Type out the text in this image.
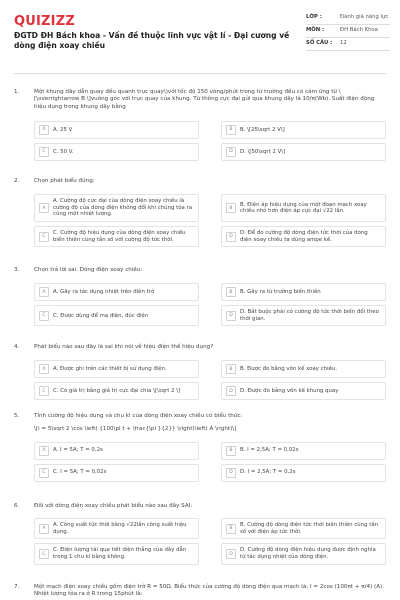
QUIZIZZ
ĐGTD ĐH Bách khoa - Vấn đề thuộc lĩnh vực vật lí - Đại cương về dòng điện xoay chiều
LỚP :	Đánh giá năng lực
MÔN :	ĐH Bách Khoa
SỐ CÂU :	12
1.	Một khung dây dẫn quay đều quanh trục quay\)với tốc độ 150 vòng/phút trong từ trường đều có cảm ứng từ \[\overrightarrow B \]vuông góc với trục quay của khung. Từ thông cực đại gửi qua khung dây là 10/π(Wb). Suất điện động hiệu dụng trong khung dây bằng
A	A. 25 V	B	B. \[25\sqrt 2 V\]
C	C. 50 V.	D	D. \[50\sqrt 2 V\]
2.	Chọn phát biểu đúng:
A
A. Cường độ cực đại của dòng điện xoay chiều là cường độ của dòng điện không đổi khi chúng tỏa ra cùng một nhiệt lượng.
B
B. Điện áp hiệu dụng của một đoạn mạch xoay chiều nhỏ hơn điện áp cực đại √22 lần.
C
C. Cường độ hiệu dụng của dòng điện xoay chiều biến thiên cùng tần số với cường độ tức thời.	D
D. Để đo cường độ dòng điện tức thời của dòng điện xoay chiều ta dùng ampe kế.
3.	Chọn trả lời sai. Dòng điện xoay chiều:
A	A. Gây ra tác dụng nhiệt trên điện trở	B	B. Gây ra từ trường biến thiên
C	C. Được dùng để mạ điện, đúc điện	D
D. Bắt buộc phải có cường độ tức thời biến đổi theo thời gian.
4.	Phát biểu nào sau đây là sai khi nói về hiệu điện thế hiệu dụng?
A	A. Được ghi trên các thiết bị sử dụng điện.	B	B. Được đo bằng vôn kế xoay chiều.
C	C. Có giá trị bằng giá trị cực đại chia \[\sqrt 2 \]	D	D. Được đo bằng vôn kế khung quay
5.	Tính cường độ hiệu dụng và chu kì của dòng điện xoay chiều có biểu thức:
\[i = 5\sqrt 2 \cos \left( {100\pi t + \frac{\pi }{2}} \right)\left( A \right)\]
A	A. I = 5A; T = 0,2s	B	B. I = 2,5A; T = 0,02s
C	C. I = 5A; T = 0,02s	D	D. I = 2,5A; T = 0,2s
6.	Đối với dòng điện xoay chiều phát biểu nào sau đây SAI:
A
A. Công suất tức thời bằng √22lần công suất hiệu dụng.	B
B. Cường độ dòng điện tức thời biến thiên cùng tần số với điện áp tức thời.
C
C. Điện lượng tải qua tiết diện thẳng của dây dẫn trong 1 chu kì bằng không.	D
D. Cường độ dòng điện hiệu dụng được định nghĩa từ tác dụng nhiệt của dòng điện.
7.	Một mạch điện xoay chiều gồm điện trở R = 50Ω. Biểu thức của cường độ dòng điện qua mạch là: I = 2cos (100πt + π/4) (A). Nhiệt lượng tỏa ra ở R trong 15phút là:
